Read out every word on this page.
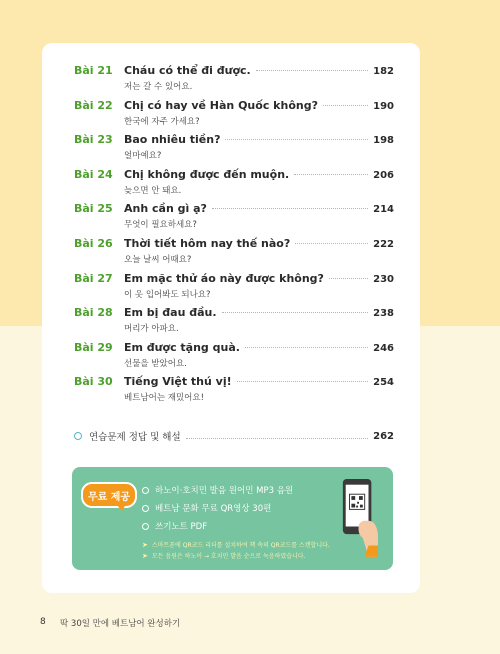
Bài 21 Cháu có thể đi được.	182
저는 갈 수 있어요.
Bài 22 Chị có hay về Hàn Quốc không?	190
한국에 자주 가세요?
Bài 23 Bao nhiêu tiền?	198
얼마예요?
Bài 24 Chị không được đến muộn.	206
늦으면 안 돼요.
Bài 25 Anh cần gì ạ?	214
무엇이 필요하세요?
Bài 26 Thời tiết hôm nay thế nào?	222
오늘 날씨 어때요?
Bài 27 Em mặc thử áo này được không?	230
이 옷 입어봐도 되나요?
Bài 28 Em bị đau đầu.	238
머리가 아파요.
Bài 29 Em được tặng quà.	246
선물을 받았어요.
Bài 30 Tiếng Việt thú vị!	254
베트남어는 재밌어요!
연습문제 정답 및 해설	262
무료 제공
하노이·호치민 발음 원어민 MP3 음원
베트남 문화 무료 QR영상 30편
쓰기노트 PDF
➤ 스마트폰에 QR코드 리더를 설치하여 책 속의 QR코드를 스캔합니다.
➤ 모든 음원은 하노이 → 호치민 발음 순으로 녹음하였습니다.
8 딱 30일 만에 베트남어 완성하기
